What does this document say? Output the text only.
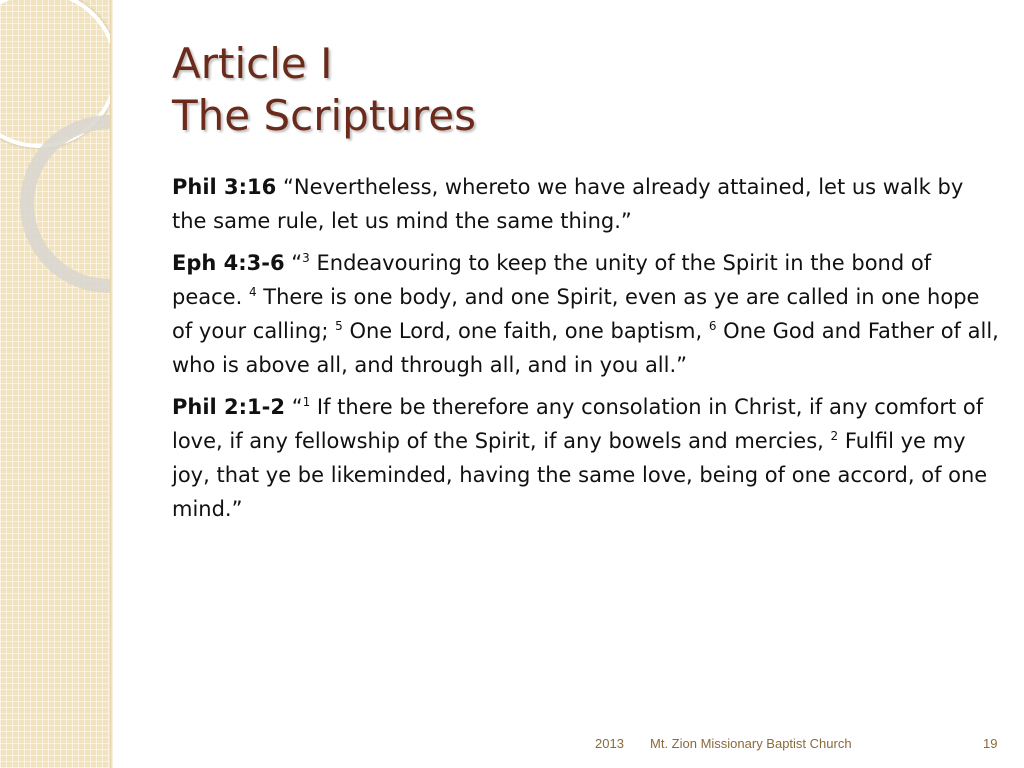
Article I
The Scriptures

Phil 3:16 “Nevertheless, whereto we have already attained, let us walk by the same rule, let us mind the same thing.”

Eph 4:3-6 “$^3$ Endeavouring to keep the unity of the Spirit in the bond of peace. $^4$ There is one body, and one Spirit, even as ye are called in one hope of your calling; $^5$ One Lord, one faith, one baptism, $^6$ One God and Father of all, who is above all, and through all, and in you all.”

Phil 2:1-2 “$^1$ If there be therefore any consolation in Christ, if any comfort of love, if any fellowship of the Spirit, if any bowels and mercies, $^2$ Fulfil ye my joy, that ye be likeminded, having the same love, being of one accord, of one mind.”

2013 Mt. Zion Missionary Baptist Church	19
